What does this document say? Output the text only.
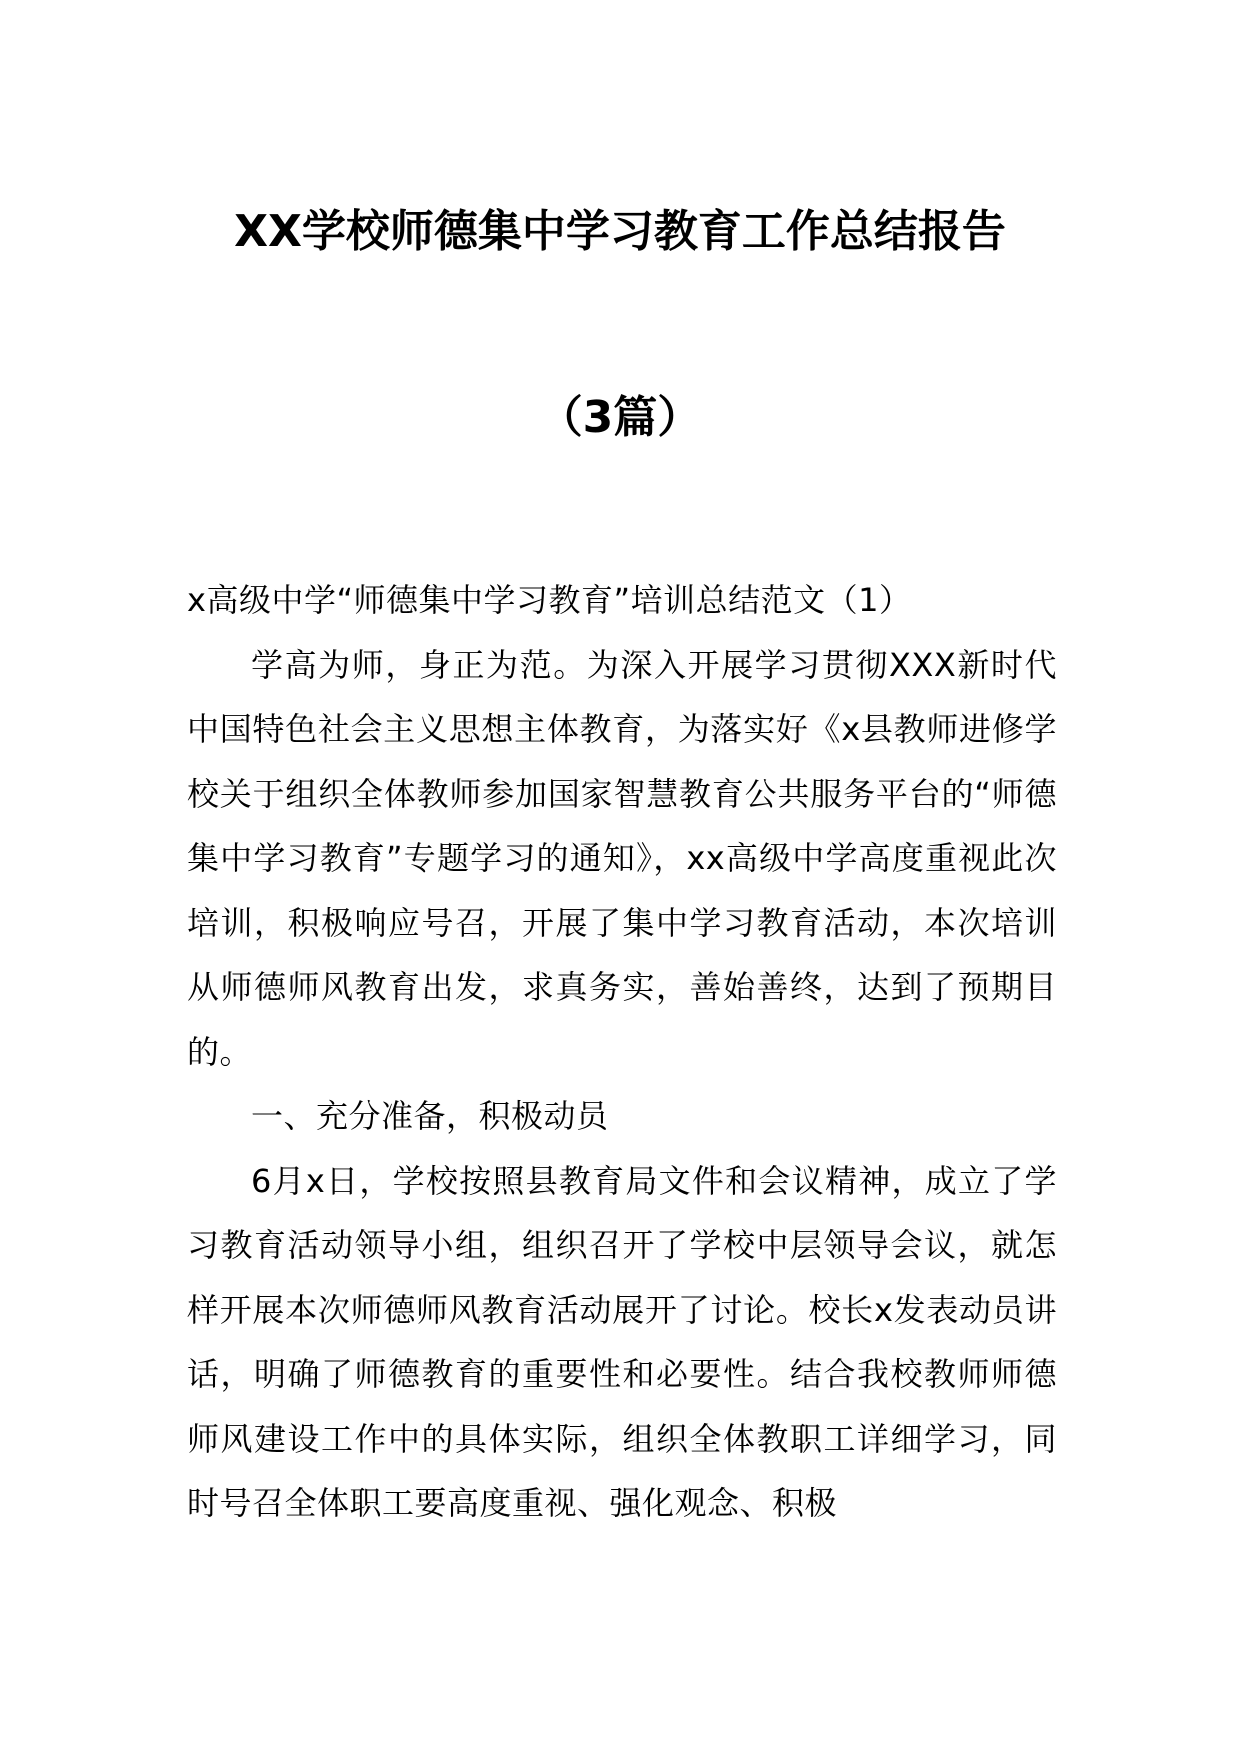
XX学校师德集中学习教育工作总结报告
（3篇）

x高级中学“师德集中学习教育”培训总结范文（1）

学高为师，身正为范。为深入开展学习贯彻XXX新时代中国特色社会主义思想主体教育，为落实好《x县教师进修学校关于组织全体教师参加国家智慧教育公共服务平台的“师德集中学习教育”专题学习的通知》，xx高级中学高度重视此次培训，积极响应号召，开展了集中学习教育活动，本次培训从师德师风教育出发，求真务实，善始善终，达到了预期目的。

一、充分准备，积极动员

6月x日，学校按照县教育局文件和会议精神，成立了学习教育活动领导小组，组织召开了学校中层领导会议，就怎样开展本次师德师风教育活动展开了讨论。校长x发表动员讲话，明确了师德教育的重要性和必要性。结合我校教师师德师风建设工作中的具体实际，组织全体教职工详细学习，同时号召全体职工要高度重视、强化观念、积极
